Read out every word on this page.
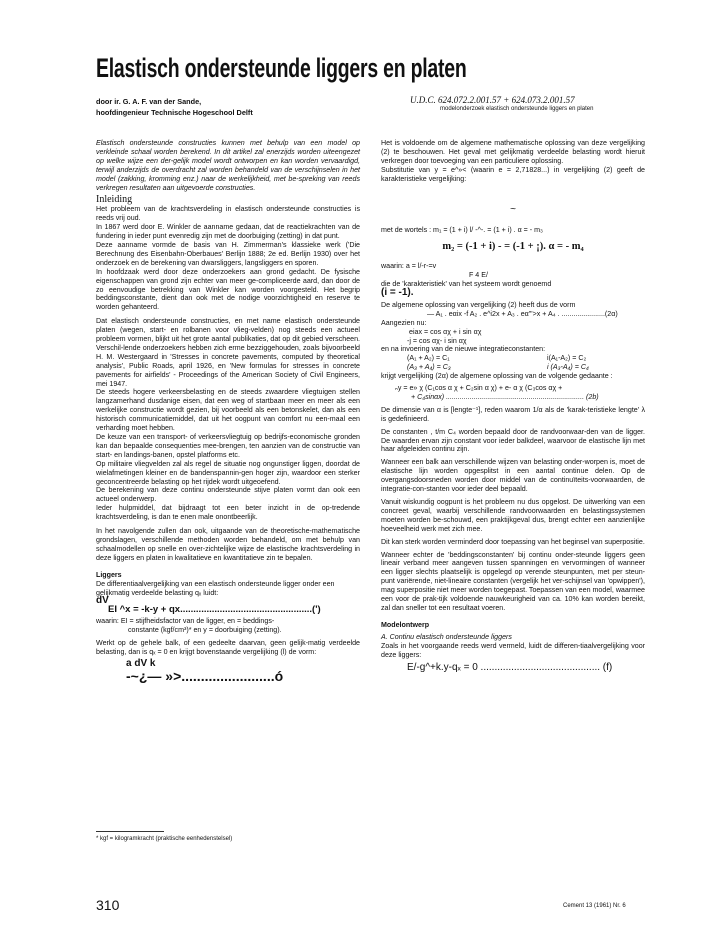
Elastisch ondersteunde liggers en platen
door ir. G. A. F. van der Sande,
hoofdingenieur Technische Hogeschool Delft
U.D.C. 624.072.2.001.57 + 624.073.2.001.57
modelonderzoek elastisch ondersteunde liggers en platen

Elastisch ondersteunde constructies kunnen met behulp van een model op verkleinde schaal worden berekend. In dit artikel zal enerzijds worden uiteengezet op welke wijze een der-gelijk model wordt ontworpen en kan worden vervaardigd, terwijl anderzijds de overdracht zal worden behandeld van de verschijnselen in het model (zakking, kromming enz.) naar de werkelijkheid, met be-spreking van reeds verkregen resultaten aan uitgevoerde constructies.

Inleiding

Het probleem van de krachtsverdeling in elastisch ondersteunde constructies is reeds vrij oud.

In 1867 werd door E. Winkler de aanname gedaan, dat de reactiekrachten van de fundering in ieder punt evenredig zijn met de doorbuiging (zetting) in dat punt.

Deze aanname vormde de basis van H. Zimmerman's klassieke werk ('Die Berechnung des Eisenbahn-Oberbaues' Berlijn 1888; 2e ed. Berlijn 1930) over het onderzoek en de berekening van dwarsliggers, langsliggers en sporen.

In hoofdzaak werd door deze onderzoekers aan grond gedacht. De fysische eigenschappen van grond zijn echter van meer ge-compliceerde aard, dan door de zo eenvoudige betrekking van Winkler kan worden voorgesteld. Het begrip beddingsconstante, dient dan ook met de nodige voorzichtigheid en reserve te worden gehanteerd.

Dat elastisch ondersteunde constructies, en met name elastisch ondersteunde platen (wegen, start- en rolbanen voor vlieg-velden) nog steeds een actueel probleem vormen, blijkt uit het grote aantal publikaties, dat op dit gebied verscheen. Verschil-lende onderzoekers hebben zich erme bezziggehouden, zoals bijvoorbeeld H. M. Westergaard in 'Stresses in concrete pavements, computed by theoretical analysis', Public Roads, april 1926, en 'New formulas for stresses in concrete pavements for airfields' - Proceedings of the American Society of Civil Engineers, mei 1947.

De steeds hogere verkeersbelasting en de steeds zwaardere vliegtuigen stellen langzamerhand dusdanige eisen, dat een weg of startbaan meer en meer als een werkelijke constructie wordt gezien, bij voorbeeld als een betonskelet, dan als een historisch communicatiemiddel, dat uit het oogpunt van comfort nu een-maal een verharding moet hebben.

De keuze van een transport- of verkeersvliegtuig op bedrijfs-economische gronden kan dan bepaalde consequenties mee-brengen, ten aanzien van de constructie van start- en landings-banen, opstel platforms etc.

Op militaire vliegvelden zal als regel de situatie nog ongunstiger liggen, doordat de wielafmetingen kleiner en de bandenspannin-gen hoger zijn, waardoor een sterker geconcentreerde belasting op het rijdek wordt uitgeoefend.

De berekening van deze continu ondersteunde stijve platen vormt dan ook een actueel onderwerp.

Ieder hulpmiddel, dat bijdraagt tot een beter inzicht in de op-tredende krachtsverdeling, is dan te enen male onontbeerlijk.

In het navolgende zullen dan ook, uitgaande van de theoretische-mathematische grondslagen, verschillende methoden worden behandeld, om met behulp van schaalmodellen op snelle en over-zichtelijke wijze de elastische krachtsverdeling in deze liggers en platen in kwalitatieve en kwantitatieve zin te bepalen.

Liggers

De differentiaalvergelijking van een elastisch ondersteunde ligger onder een gelijkmatig verdeelde belasting qₓ luidt:

dV
EI ^x = -k-y + qx..................................................(')

waarin: EI = stijfheidsfactor van de ligger, en = beddings-

constante (kgf/cm³)* en y = doorbuiging (zetting).

Werkt op de gehele balk, of een gedeelte daarvan, geen gelijk-matig verdeelde belasting, dan is qₓ = 0 en krijgt bovenstaande vergelijking (l) de vorm:

a dV k
-~¿— »>........................ó
* kgf = kilogramkracht (praktische eenhedenstelsel)

Het is voldoende om de algemene mathematische oplossing van deze vergelijking (2) te beschouwen. Het geval met gelijkmatig verdeelde belasting wordt hieruit verkregen door toevoeging van een particuliere oplossing.

Substitutie van y = e^»< (waarin e = 2,71828...) in vergelijking (2) geeft de karakteristieke vergelijking:

~

met de wortels : m₁ = (1 + i) l/ -^-. = (1 + i) . α = - m₃

m₂ = (-1 + i) - = (-1 + ¡). α = - m₄

waarin: a = l/-r-=v

F 4 E/

die de 'karakteristiek' van het systeem wordt genoemd

(i = -1).

De algemene oplossing van vergelijking (2) heeft dus de vorm

— A₁ . eαix -f A₂ . e^i2x + A₃ . eα"'>x + A₄ . ......................(2α)

Aangezien nu:

eiax = cos αχ + i sin αχ

-j = cos αχ- i sin αχ

en na invoering van de nieuwe integratieconstanten:

(A₁ + A₂) = C₁	i(A₁-A₂) = C₂
(A₃ + A₄) = C₃	i (A₃-A₄) = C₄

krijgt vergelijking (2α) de algemene oplossing van de volgende gedaante :

ₙy = e» χ (C₁cos α χ + C₂sin α χ) + e- α χ (C₃cos αχ +

+ C₄sinαx) ...................................................................... (2b)

De dimensie van α is [lengte⁻¹], reden waarom 1/α als de 'karak-teristieke lengte' λ is gedefinieerd.

De constanten , t/m C₄ worden bepaald door de randvoorwaar-den van de ligger. De waarden ervan zijn constant voor ieder balkdeel, waarvoor de elastische lijn met haar afgeleiden continu zijn.

Wanneer een balk aan verschillende wijzen van belasting onder-worpen is, moet de elastische lijn worden opgesplitst in een aantal continue delen. Op de overgangsdoorsneden worden door middel van de continuïteits-voorwaarden, de integratie-con-stanten voor ieder deel bepaald.

Vanuit wiskundig oogpunt is het probleem nu dus opgelost. De uitwerking van een concreet geval, waarbij verschillende randvoorwaarden en belastingssystemen moeten worden be-schouwd, een praktijkgeval dus, brengt echter een aanzienlijke hoeveelheid werk met zich mee.

Dit kan sterk worden verminderd door toepassing van het beginsel van superpositie.

Wanneer echter de 'beddingsconstanten' bij continu onder-steunde liggers geen lineair verband meer aangeven tussen spanningen en vervormingen of wanneer een ligger slechts plaatselijk is opgelegd op verende steunpunten, met per steun-punt variërende, niet-lineaire constanten (vergelijk het ver-schijnsel van 'opwippen'), mag superpositie niet meer worden toegepast. Toepassen van een model, waarmee een voor de prak-tijk voldoende nauwkeurigheid van ca. 10% kan worden bereikt, zal dan sneller tot een resultaat voeren.

Modelontwerp
A. Continu elastisch ondersteunde liggers

Zoals in het voorgaande reeds werd vermeld, luidt de differen-tiaalvergelijking voor deze liggers:

E/-g^+k.y-qₓ = 0 ........................................... (f)
310	Cement 13 (1961) Nr. 6
